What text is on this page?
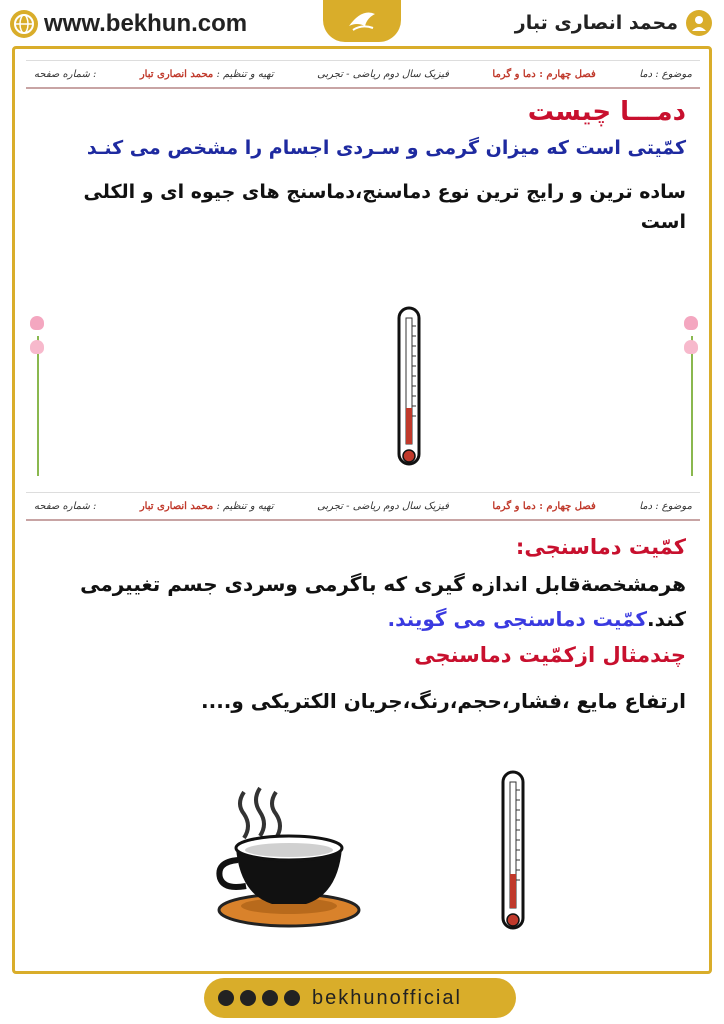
www.bekhun.com	محمد انصاری تبار
موضوع : دما
فصل چهارم : دما و گرما
فیزیک سال دوم ریاضی - تجربی
تهیه و تنظیم : محمد انصاری تبار
شماره صفحه :

دمـــا چیست

کمّیتی است که میزان گرمی و سـردی اجسام را مشخص می کنـد

ساده ترین و رایج ترین نوع دماسنج،دماسنج های جیوه ای و الکلی است

موضوع : دما
فصل چهارم : دما و گرما
فیزیک سال دوم ریاضی - تجربی
تهیه و تنظیم : محمد انصاری تبار
شماره صفحه :

کمّیت دماسنجی:

هرمشخصةقابل اندازه گیری که باگرمی وسردی جسم تغییرمی کند.کمّیت دماسنجی می گویند.

چندمثال ازکمّیت دماسنجی

ارتفاع مایع ،فشار،حجم،رنگ،جریان الکتریکی و....

bekhunofficial
